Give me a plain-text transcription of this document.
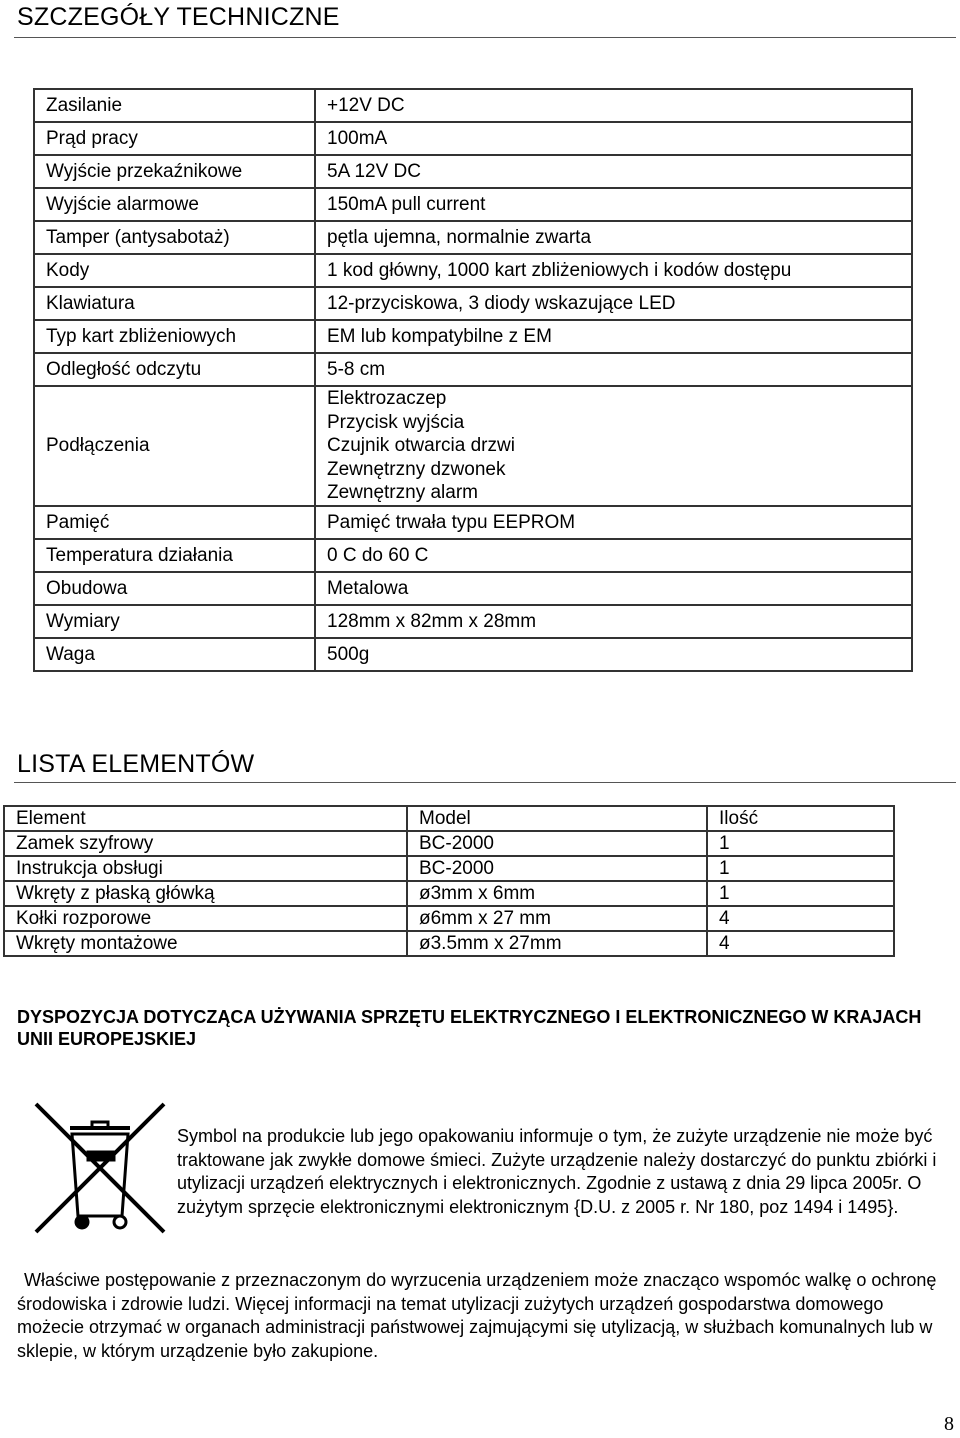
SZCZEGÓŁY TECHNICZNE
Zasilanie	+12V DC
Prąd pracy	100mA
Wyjście przekaźnikowe	5A 12V DC
Wyjście alarmowe	150mA pull current
Tamper (antysabotaż)	pętla ujemna, normalnie zwarta
Kody	1 kod główny, 1000 kart zbliżeniowych i kodów dostępu
Klawiatura	12-przyciskowa, 3 diody wskazujące LED
Typ kart zbliżeniowych	EM lub kompatybilne z EM
Odległość odczytu	5-8 cm
Podłączenia	Elektrozaczep
Przycisk wyjścia
Czujnik otwarcia drzwi
Zewnętrzny dzwonek
Zewnętrzny alarm

Pamięć	Pamięć trwała typu EEPROM
Temperatura działania	0 C do 60 C
Obudowa	Metalowa
Wymiary	128mm x 82mm x 28mm
Waga	500g
LISTA ELEMENTÓW
Element	Model	Ilość
Zamek szyfrowy	BC-2000	1
Instrukcja obsługi	BC-2000	1
Wkręty z płaską główką	ø3mm x 6mm	1
Kołki rozporowe	ø6mm x 27 mm	4
Wkręty montażowe	ø3.5mm x 27mm	4
DYSPOZYCJA DOTYCZĄCA UŻYWANIA SPRZĘTU ELEKTRYCZNEGO I ELEKTRONICZNEGO W KRAJACH UNII EUROPEJSKIEJ

Symbol na produkcie lub jego opakowaniu informuje o tym, że zużyte urządzenie nie może być traktowane jak zwykłe domowe śmieci. Zużyte urządzenie należy dostarczyć do punktu zbiórki i utylizacji urządzeń elektrycznych i elektronicznych. Zgodnie z ustawą z dnia 29 lipca 2005r. O zużytym sprzęcie elektronicznymi elektronicznym {D.U. z 2005 r. Nr 180, poz 1494 i 1495}.

Właściwe postępowanie z przeznaczonym do wyrzucenia urządzeniem może znacząco wspomóc walkę o ochronę środowiska i zdrowie ludzi. Więcej informacji na temat utylizacji zużytych urządzeń gospodarstwa domowego możecie otrzymać w organach administracji państwowej zajmującymi się utylizacją, w służbach komunalnych lub w sklepie, w którym urządzenie było zakupione.

8
